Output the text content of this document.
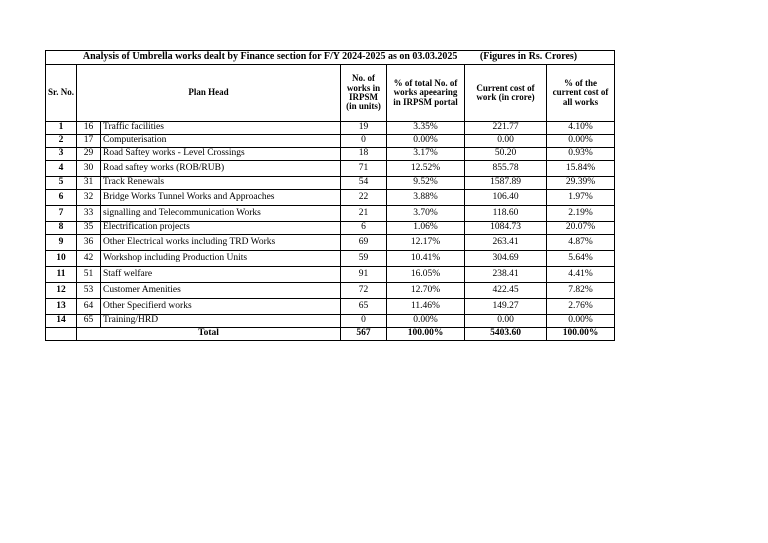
Analysis of Umbrella works dealt by Finance section for F/Y 2024-2025 as on 03.03.2025 (Figures in Rs. Crores)						
Sr. No.	Plan Head		No. of works in IRPSM (in units)	% of total No. of works apeearing in IRPSM portal	Current cost of work (in crore)	% of the current cost of all works
1	16	Traffic facilities	19	3.35%	221.77	4.10%
2	17	Computerisation	0	0.00%	0.00	0.00%
3	29	Road Saftey works - Level Crossings	18	3.17%	50.20	0.93%
4	30	Road saftey works (ROB/RUB)	71	12.52%	855.78	15.84%
5	31	Track Renewals	54	9.52%	1587.89	29.39%
6	32	Bridge Works Tunnel Works and Approaches	22	3.88%	106.40	1.97%
7	33	signalling and Telecommunication Works	21	3.70%	118.60	2.19%
8	35	Electrification projects	6	1.06%	1084.73	20.07%
9	36	Other Electrical works including TRD Works	69	12.17%	263.41	4.87%
10	42	Workshop including Production Units	59	10.41%	304.69	5.64%
11	51	Staff welfare	91	16.05%	238.41	4.41%
12	53	Customer Amenities	72	12.70%	422.45	7.82%
13	64	Other Specifierd works	65	11.46%	149.27	2.76%
14	65	Training/HRD	0	0.00%	0.00	0.00%
	Total		567	100.00%	5403.60	100.00%
